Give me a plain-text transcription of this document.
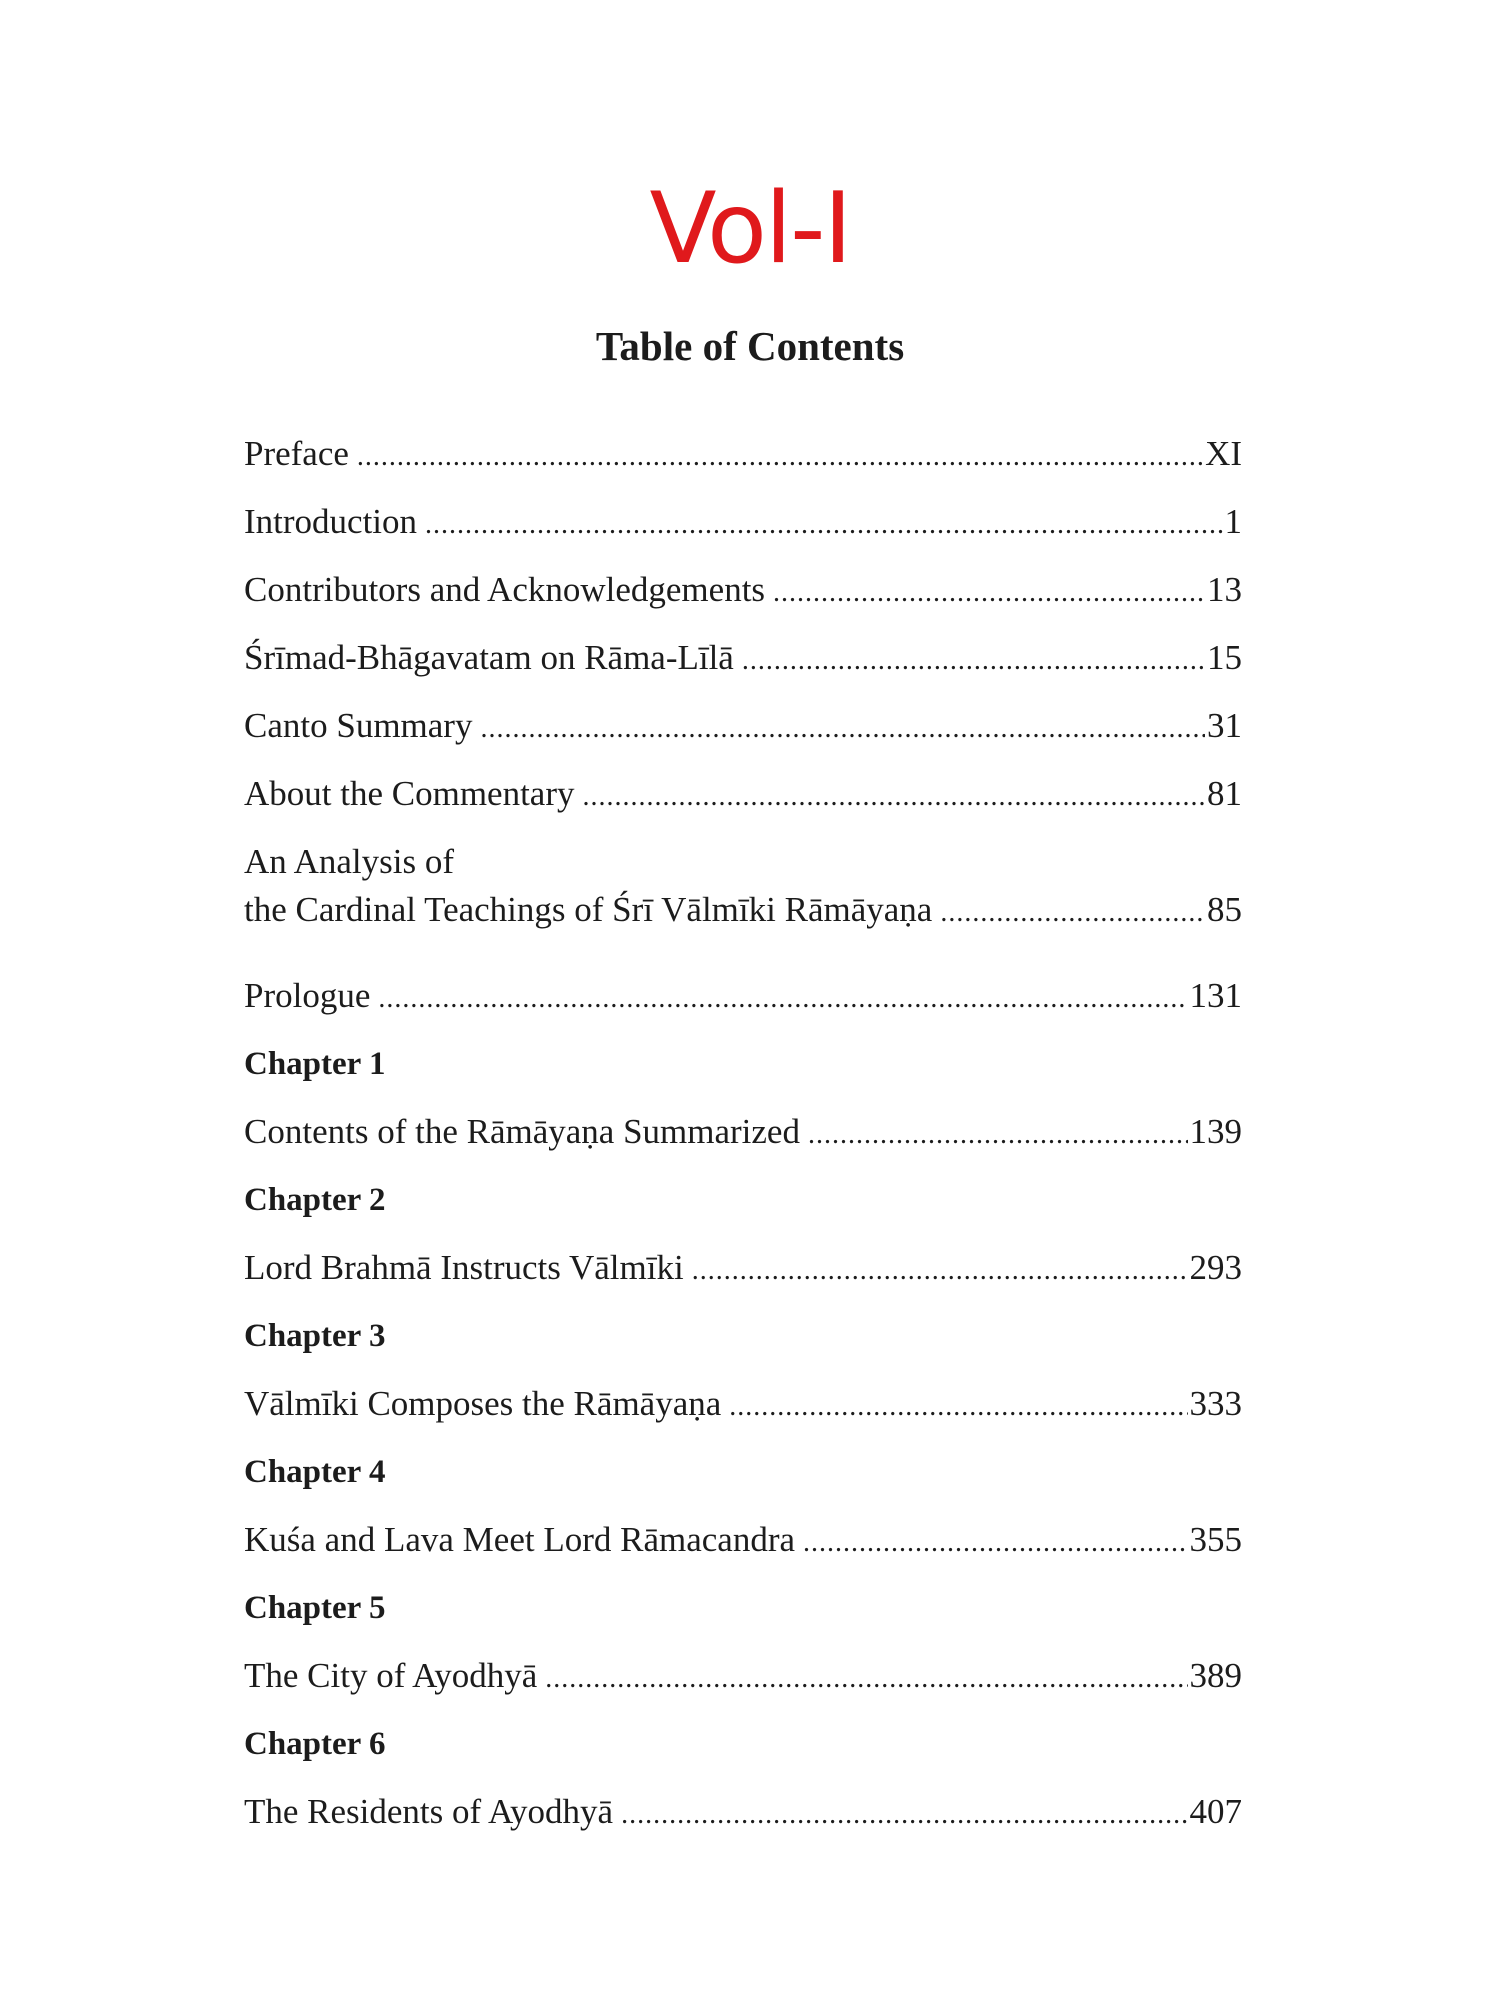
Vol-I
Table of Contents
Preface .....	XI
Introduction .....	1
Contributors and Acknowledgements .....	13
Śrīmad-Bhāgavatam on Rāma-Līlā .....	15
Canto Summary .....	31
About the Commentary .....	81
An Analysis of
the Cardinal Teachings of Śrī Vālmīki Rāmāyaṇa .....	85
Prologue .....	131
Chapter 1
Contents of the Rāmāyaṇa Summarized .....	139
Chapter 2
Lord Brahmā Instructs Vālmīki .....	293
Chapter 3
Vālmīki Composes the Rāmāyaṇa .....	333
Chapter 4
Kuśa and Lava Meet Lord Rāmacandra .....	355
Chapter 5
The City of Ayodhyā .....	389
Chapter 6
The Residents of Ayodhyā .....	407
